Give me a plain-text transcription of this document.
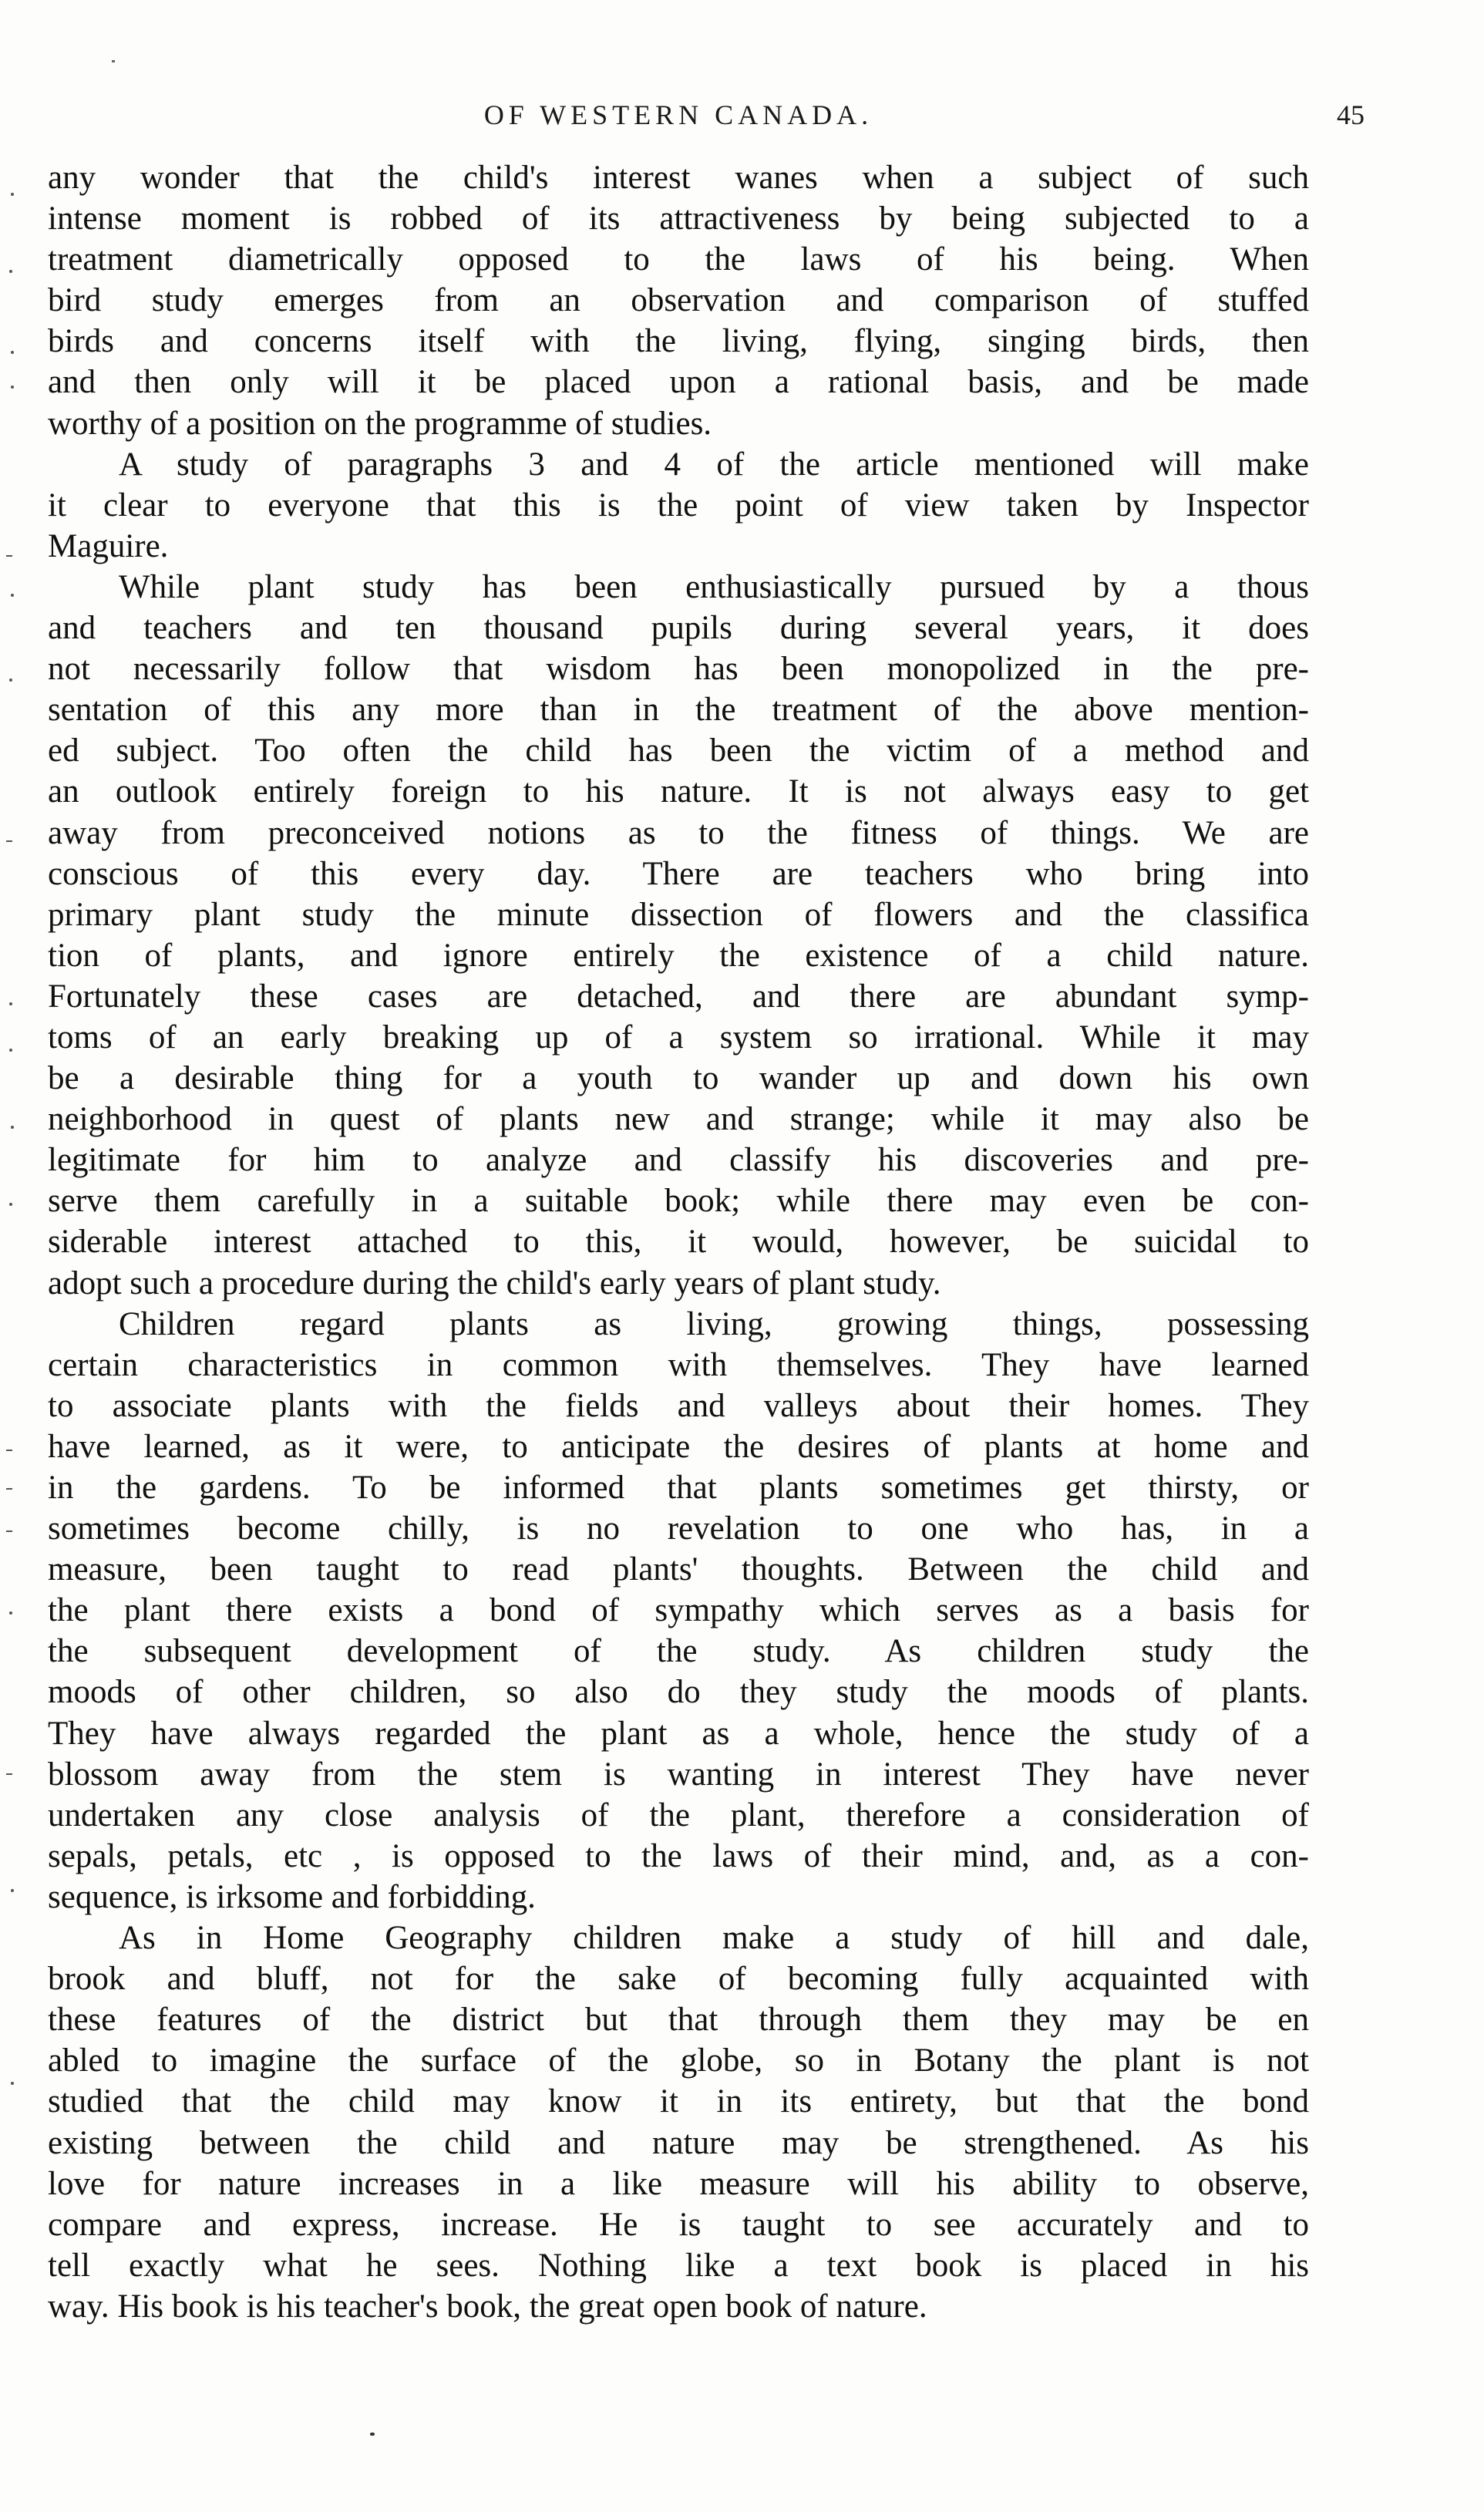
OF WESTERN CANADA.	45
any wonder that the child's interest wanes when a subject of such
intense moment is robbed of its attractiveness by being subjected to a
treatment diametrically opposed to the laws of his being. When
bird study emerges from an observation and comparison of stuffed
birds and concerns itself with the living, flying, singing birds, then
and then only will it be placed upon a rational basis, and be made
worthy of a position on the programme of studies.
A study of paragraphs 3 and 4 of the article mentioned will make
it clear to everyone that this is the point of view taken by Inspector
Maguire.
While plant study has been enthusiastically pursued by a thous
and teachers and ten thousand pupils during several years, it does
not necessarily follow that wisdom has been monopolized in the pre-
sentation of this any more than in the treatment of the above mention-
ed subject. Too often the child has been the victim of a method and
an outlook entirely foreign to his nature. It is not always easy to get
away from preconceived notions as to the fitness of things. We are
conscious of this every day. There are teachers who bring into
primary plant study the minute dissection of flowers and the classifica
tion of plants, and ignore entirely the existence of a child nature.
Fortunately these cases are detached, and there are abundant symp-
toms of an early breaking up of a system so irrational. While it may
be a desirable thing for a youth to wander up and down his own
neighborhood in quest of plants new and strange; while it may also be
legitimate for him to analyze and classify his discoveries and pre-
serve them carefully in a suitable book; while there may even be con-
siderable interest attached to this, it would, however, be suicidal to
adopt such a procedure during the child's early years of plant study.
Children regard plants as living, growing things, possessing
certain characteristics in common with themselves. They have learned
to associate plants with the fields and valleys about their homes. They
have learned, as it were, to anticipate the desires of plants at home and
in the gardens. To be informed that plants sometimes get thirsty, or
sometimes become chilly, is no revelation to one who has, in a
measure, been taught to read plants' thoughts. Between the child and
the plant there exists a bond of sympathy which serves as a basis for
the subsequent development of the study. As children study the
moods of other children, so also do they study the moods of plants.
They have always regarded the plant as a whole, hence the study of a
blossom away from the stem is wanting in interest They have never
undertaken any close analysis of the plant, therefore a consideration of
sepals, petals, etc , is opposed to the laws of their mind, and, as a con-
sequence, is irksome and forbidding.
As in Home Geography children make a study of hill and dale,
brook and bluff, not for the sake of becoming fully acquainted with
these features of the district but that through them they may be en
abled to imagine the surface of the globe, so in Botany the plant is not
studied that the child may know it in its entirety, but that the bond
existing between the child and nature may be strengthened. As his
love for nature increases in a like measure will his ability to observe,
compare and express, increase. He is taught to see accurately and to
tell exactly what he sees. Nothing like a text book is placed in his
way. His book is his teacher's book, the great open book of nature.
